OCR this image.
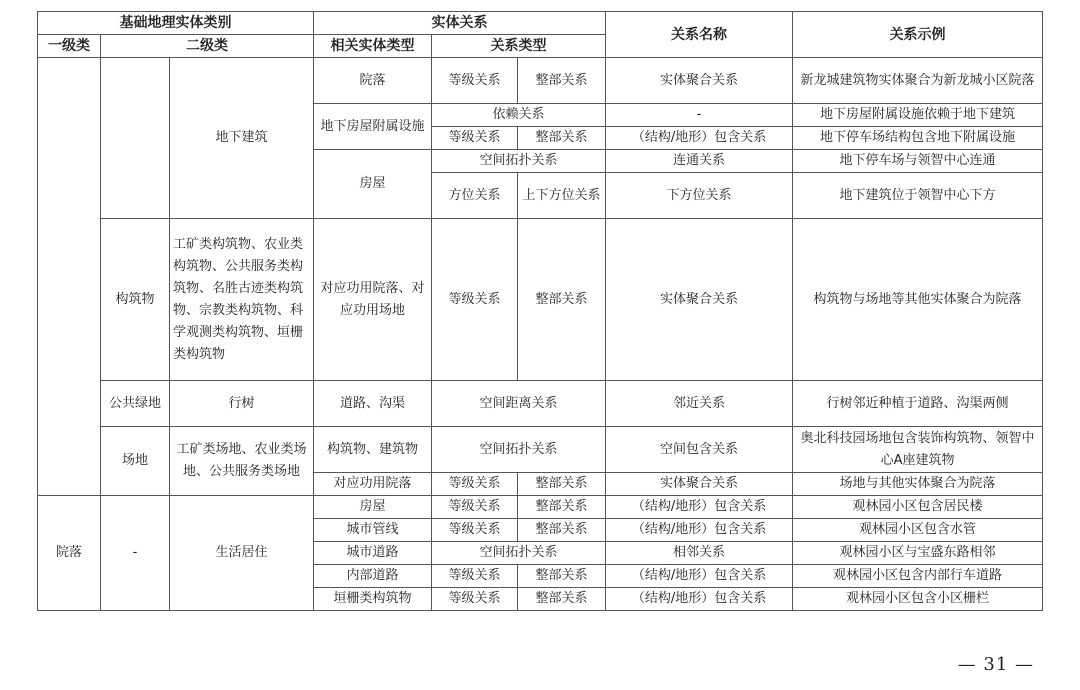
基础地理实体类别			实体关系			关系名称	关系示例
一级类	二级类		相关实体类型	关系类型			
		地下建筑	院落	等级关系	整部关系	实体聚合关系	新龙城建筑物实体聚合为新龙城小区院落
			地下房屋附属设施	依赖关系		-	地下房屋附属设施依赖于地下建筑
				等级关系	整部关系	（结构/地形）包含关系	地下停车场结构包含地下附属设施
			房屋	空间拓扑关系		连通关系	地下停车场与领智中心连通
				方位关系	上下方位关系	下方位关系	地下建筑位于领智中心下方
	构筑物	工矿类构筑物、农业类构筑物、公共服务类构筑物、名胜古迹类构筑物、宗教类构筑物、科学观测类构筑物、垣栅类构筑物	对应功用院落、对应功用场地	等级关系	整部关系	实体聚合关系	构筑物与场地等其他实体聚合为院落
	公共绿地	行树	道路、沟渠	空间距离关系		邻近关系	行树邻近种植于道路、沟渠两侧
	场地	工矿类场地、农业类场地、公共服务类场地	构筑物、建筑物	空间拓扑关系		空间包含关系	奥北科技园场地包含装饰构筑物、领智中心A座建筑物
			对应功用院落	等级关系	整部关系	实体聚合关系	场地与其他实体聚合为院落
院落	-	生活居住	房屋	等级关系	整部关系	（结构/地形）包含关系	观林园小区包含居民楼
			城市管线	等级关系	整部关系	（结构/地形）包含关系	观林园小区包含水管
			城市道路	空间拓扑关系		相邻关系	观林园小区与宝盛东路相邻
			内部道路	等级关系	整部关系	（结构/地形）包含关系	观林园小区包含内部行车道路
			垣栅类构筑物	等级关系	整部关系	（结构/地形）包含关系	观林园小区包含小区栅栏
— 31 —
